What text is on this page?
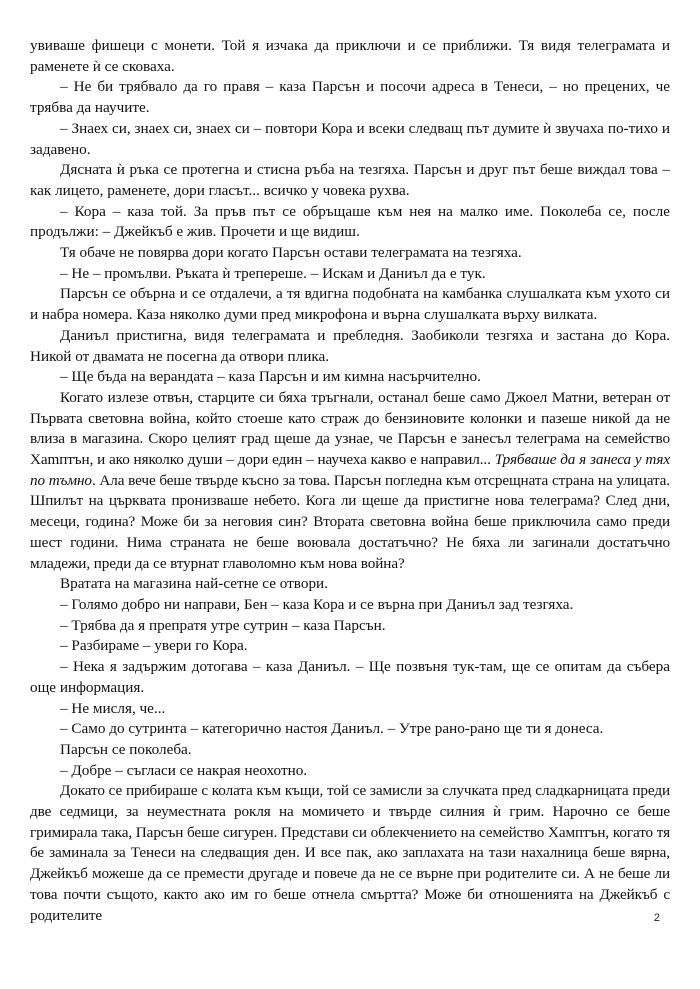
увиваше фишеци с монети. Той я изчака да приключи и се приближи. Тя видя телеграмата и раменете ѝ се сковаха.

– Не би трябвало да го правя – каза Парсън и посочи адреса в Тенеси, – но прецених, че трябва да научите.

– Знаех си, знаех си, знаех си – повтори Кора и всеки следващ път думите ѝ звучаха по-тихо и задавено.

Дясната ѝ ръка се протегна и стисна ръба на тезгяха. Парсън и друг път беше виждал това – как лицето, раменете, дори гласът... всичко у човека рухва.

– Кора – каза той. За пръв път се обръщаше към нея на малко име. Поколеба се, после продължи: – Джейкъб е жив. Прочети и ще видиш.

Тя обаче не повярва дори когато Парсън остави телеграмата на тезгяха.

– Не – промълви. Ръката ѝ трепереше. – Искам и Даниъл да е тук.

Парсън се обърна и се отдалечи, а тя вдигна подобната на камбанка слушалката към ухото си и набра номера. Каза няколко думи пред микрофона и върна слушалката върху вилката.

Даниъл пристигна, видя телеграмата и пребледня. Заобиколи тезгяха и застана до Кора. Никой от двамата не посегна да отвори плика.

– Ще бъда на верандата – каза Парсън и им кимна насърчително.

Когато излезе отвън, старците си бяха тръгнали, останал беше само Джоел Матни, ветеран от Първата световна война, който стоеше като страж до бензиновите колонки и пазеше никой да не влиза в магазина. Скоро целият град щеше да узнае, че Парсън е занесъл телеграма на семейство Хamптън, и ако няколко души – дори един – научеха какво е направил... Трябваше да я занеса у тях по тъмно. Ала вече беше твърде късно за това. Парсън погледна към отсрещната страна на улицата. Шпилът на църквата пронизваше небето. Кога ли щеше да пристигне нова телеграма? След дни, месеци, година? Може би за неговия син? Втората световна война беше приключила само преди шест години. Нима страната не беше воювала достатъчно? Не бяха ли загинали достатъчно младежи, преди да се втурнат главоломно към нова война?

Вратата на магазина най-сетне се отвори.

– Голямо добро ни направи, Бен – каза Кора и се върна при Даниъл зад тезгяха.

– Трябва да я препратя утре сутрин – каза Парсън.

– Разбираме – увери го Кора.

– Нека я задържим дотогава – каза Даниъл. – Ще позвъня тук-там, ще се опитам да събера още информация.

– Не мисля, че...

– Само до сутринта – категорично настоя Даниъл. – Утре рано-рано ще ти я донеса.

Парсън се поколеба.

– Добре – съгласи се накрая неохотно.

Докато се прибираше с колата към къщи, той се замисли за случката пред сладкарницата преди две седмици, за неуместната рокля на момичето и твърде силния ѝ грим. Нарочно се беше гримирала така, Парсън беше сигурен. Представи си облекчението на семейство Хамптън, когато тя бе заминала за Тенеси на следващия ден. И все пак, ако заплахата на тази нахалница беше вярна, Джейкъб можеше да се премести другаде и повече да не се върне при родителите си. А не беше ли това почти същото, както ако им го беше отнела смъртта? Може би отношенията на Джейкъб с родителите	2
